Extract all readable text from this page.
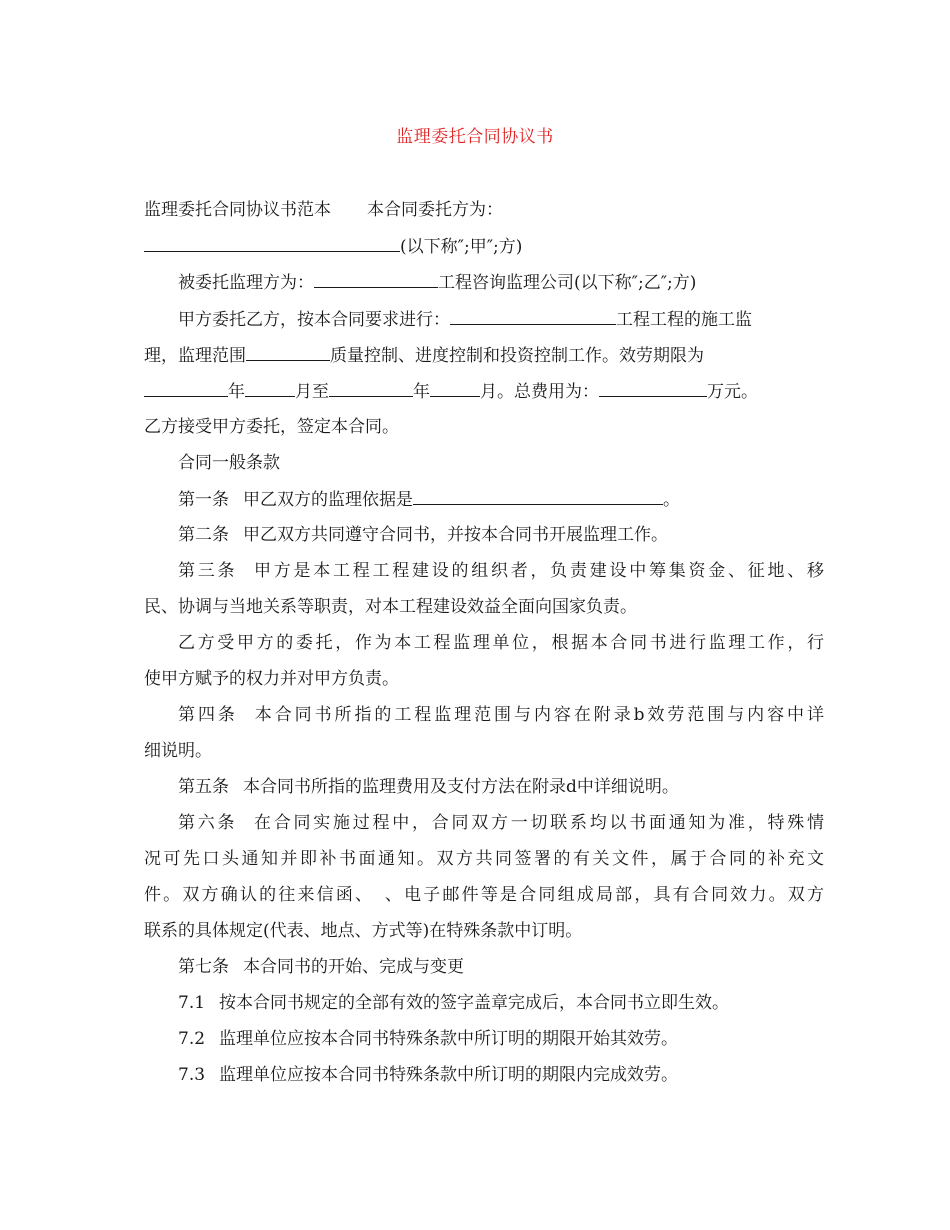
监理委托合同协议书
监理委托合同协议书范本 本合同委托方为：
(以下称″;甲″;方)
被委托监理方为：	工程咨询监理公司(以下称″;乙″;方)
甲方委托乙方，按本合同要求进行：	工程工程的施工监
理，监理范围	质量控制、进度控制和投资控制工作。效劳期限为
年	月至	年	月。总费用为：	万元。
乙方接受甲方委托，签定本合同。
合同一般条款
第一条 甲乙双方的监理依据是	。
第二条 甲乙双方共同遵守合同书，并按本合同书开展监理工作。
第三条 甲方是本工程工程建设的组织者，负责建设中筹集资金、征地、移
民、协调与当地关系等职责，对本工程建设效益全面向国家负责。
乙方受甲方的委托，作为本工程监理单位，根据本合同书进行监理工作，行
使甲方赋予的权力并对甲方负责。
第四条 本合同书所指的工程监理范围与内容在附录b效劳范围与内容中详
细说明。
第五条 本合同书所指的监理费用及支付方法在附录d中详细说明。
第六条 在合同实施过程中，合同双方一切联系均以书面通知为准，特殊情
况可先口头通知并即补书面通知。双方共同签署的有关文件，属于合同的补充文
件。双方确认的往来信函、　、电子邮件等是合同组成局部，具有合同效力。双方
联系的具体规定(代表、地点、方式等)在特殊条款中订明。
第七条 本合同书的开始、完成与变更
7.1 按本合同书规定的全部有效的签字盖章完成后，本合同书立即生效。
7.2 监理单位应按本合同书特殊条款中所订明的期限开始其效劳。
7.3 监理单位应按本合同书特殊条款中所订明的期限内完成效劳。
